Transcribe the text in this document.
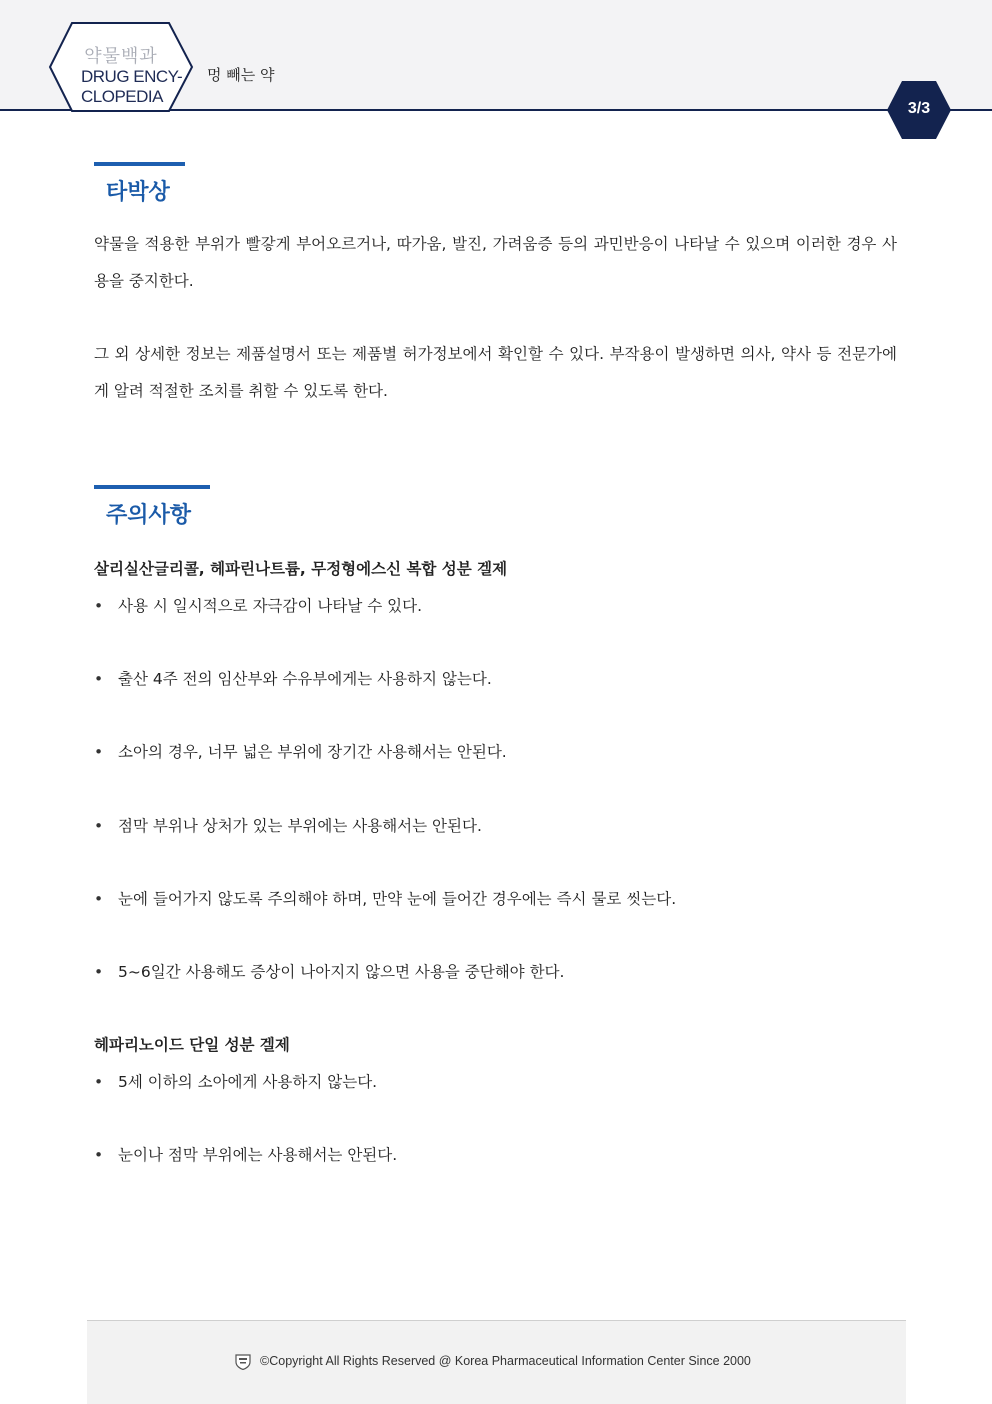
약물백과
DRUG ENCY-
CLOPEDIA
멍 빼는 약
3/3
타박상
약물을 적용한 부위가 빨갛게 부어오르거나, 따가움, 발진, 가려움증 등의 과민반응이 나타날 수 있으며 이러한 경우 사용을 중지한다.
그 외 상세한 정보는 제품설명서 또는 제품별 허가정보에서 확인할 수 있다. 부작용이 발생하면 의사, 약사 등 전문가에게 알려 적절한 조치를 취할 수 있도록 한다.
주의사항
살리실산글리콜, 헤파린나트륨, 무정형에스신 복합 성분 겔제
• 사용 시 일시적으로 자극감이 나타날 수 있다.
• 출산 4주 전의 임산부와 수유부에게는 사용하지 않는다.
• 소아의 경우, 너무 넓은 부위에 장기간 사용해서는 안된다.
• 점막 부위나 상처가 있는 부위에는 사용해서는 안된다.
• 눈에 들어가지 않도록 주의해야 하며, 만약 눈에 들어간 경우에는 즉시 물로 씻는다.
• 5~6일간 사용해도 증상이 나아지지 않으면 사용을 중단해야 한다.
헤파리노이드 단일 성분 겔제
• 5세 이하의 소아에게 사용하지 않는다.
• 눈이나 점막 부위에는 사용해서는 안된다.
©Copyright All Rights Reserved @ Korea Pharmaceutical Information Center Since 2000
